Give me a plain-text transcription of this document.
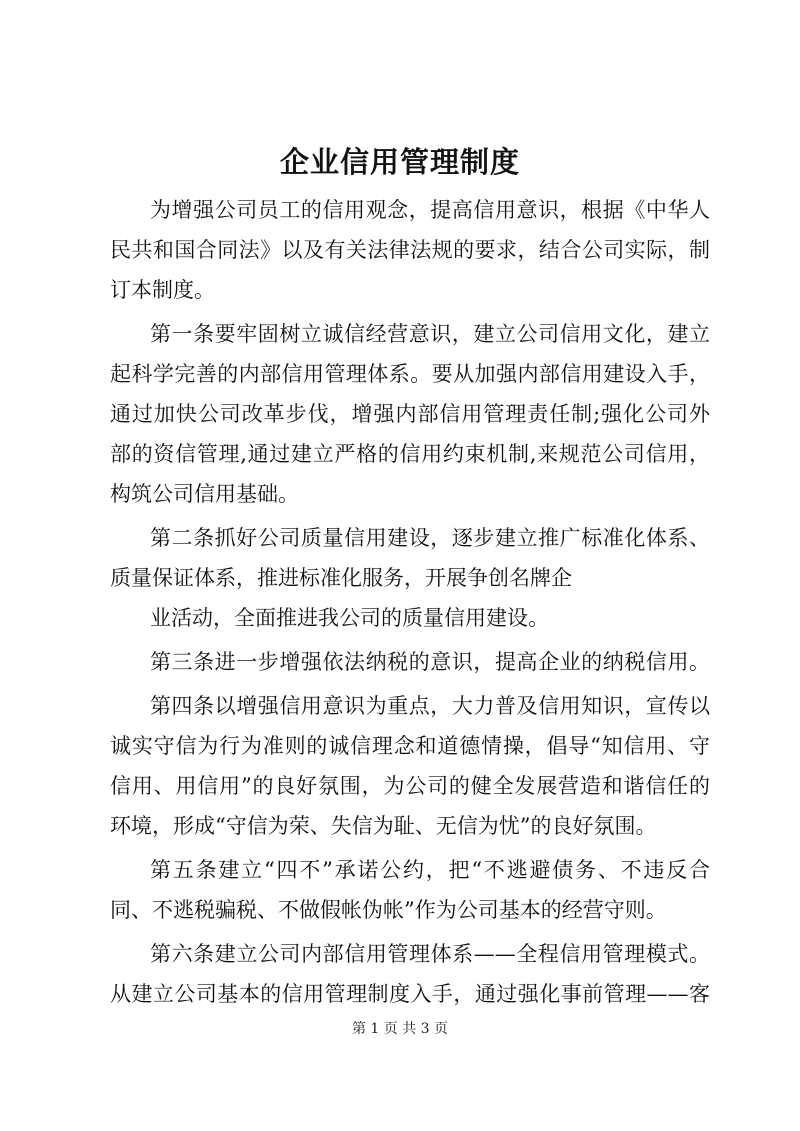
企业信用管理制度
为增强公司员工的信用观念，提高信用意识，根据《中华人
民共和国合同法》以及有关法律法规的要求，结合公司实际，制
订本制度。
第一条要牢固树立诚信经营意识，建立公司信用文化，建立
起科学完善的内部信用管理体系。要从加强内部信用建设入手，
通过加快公司改革步伐，增强内部信用管理责任制;强化公司外
部的资信管理,通过建立严格的信用约束机制,来规范公司信用，
构筑公司信用基础。
第二条抓好公司质量信用建设，逐步建立推广标准化体系、
质量保证体系，推进标准化服务，开展争创名牌企
业活动，全面推进我公司的质量信用建设。
第三条进一步增强依法纳税的意识，提高企业的纳税信用。
第四条以增强信用意识为重点，大力普及信用知识，宣传以
诚实守信为行为准则的诚信理念和道德情操，倡导“知信用、守
信用、用信用”的良好氛围，为公司的健全发展营造和谐信任的
环境，形成“守信为荣、失信为耻、无信为忧”的良好氛围。
第五条建立“四不”承诺公约，把“不逃避债务、不违反合
同、不逃税骗税、不做假帐伪帐”作为公司基本的经营守则。
第六条建立公司内部信用管理体系——全程信用管理模式。
从建立公司基本的信用管理制度入手，通过强化事前管理——客
第 1 页 共 3 页
